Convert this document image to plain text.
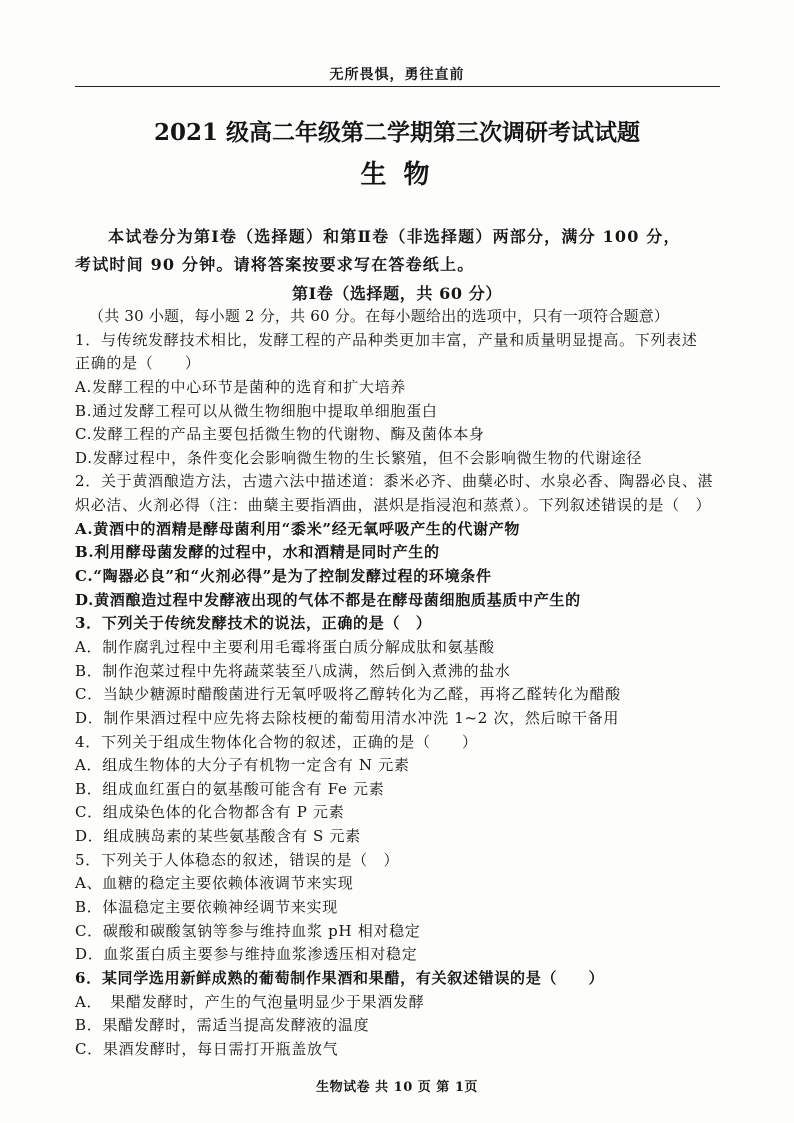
无所畏惧，勇往直前
2021 级高二年级第二学期第三次调研考试试题
生 物
本试卷分为第Ⅰ卷（选择题）和第Ⅱ卷（非选择题）两部分，满分 100 分，
考试时间 90 分钟。请将答案按要求写在答卷纸上。
第Ⅰ卷（选择题，共 60 分）
（共 30 小题，每小题 2 分，共 60 分。在每小题给出的选项中，只有一项符合题意）
1．与传统发酵技术相比，发酵工程的产品种类更加丰富，产量和质量明显提高。下列表述
正确的是（　　）
A.发酵工程的中心环节是菌种的选育和扩大培养
B.通过发酵工程可以从微生物细胞中提取单细胞蛋白
C.发酵工程的产品主要包括微生物的代谢物、酶及菌体本身
D.发酵过程中，条件变化会影响微生物的生长繁殖，但不会影响微生物的代谢途径
2．关于黄酒酿造方法，古遗六法中描述道：黍米必齐、曲蘖必时、水泉必香、陶器必良、湛
炽必洁、火剂必得（注：曲蘖主要指酒曲，湛炽是指浸泡和蒸煮）。下列叙述错误的是（　）
A.黄酒中的酒精是酵母菌利用“黍米”经无氧呼吸产生的代谢产物
B.利用酵母菌发酵的过程中，水和酒精是同时产生的
C.“陶器必良”和“火剂必得”是为了控制发酵过程的环境条件
D.黄酒酿造过程中发酵液出现的气体不都是在酵母菌细胞质基质中产生的
3．下列关于传统发酵技术的说法，正确的是（　）
A．制作腐乳过程中主要利用毛霉将蛋白质分解成肽和氨基酸
B．制作泡菜过程中先将蔬菜装至八成满，然后倒入煮沸的盐水
C．当缺少糖源时醋酸菌进行无氧呼吸将乙醇转化为乙醛，再将乙醛转化为醋酸
D．制作果酒过程中应先将去除枝梗的葡萄用清水冲洗 1~2 次，然后晾干备用
4．下列关于组成生物体化合物的叙述，正确的是（　　）
A．组成生物体的大分子有机物一定含有 N 元素
B．组成血红蛋白的氨基酸可能含有 Fe 元素
C．组成染色体的化合物都含有 P 元素
D．组成胰岛素的某些氨基酸含有 S 元素
5．下列关于人体稳态的叙述，错误的是（　）
A、血糖的稳定主要依赖体液调节来实现
B．体温稳定主要依赖神经调节来实现
C．碳酸和碳酸氢钠等参与维持血浆 pH 相对稳定
D．血浆蛋白质主要参与维持血浆渗透压相对稳定
6．某同学选用新鲜成熟的葡萄制作果酒和果醋，有关叙述错误的是（　　）
A．　果醋发酵时，产生的气泡量明显少于果酒发酵
B．果醋发酵时，需适当提高发酵液的温度
C．果酒发酵时，每日需打开瓶盖放气
生物试卷 共 10 页 第 1页
